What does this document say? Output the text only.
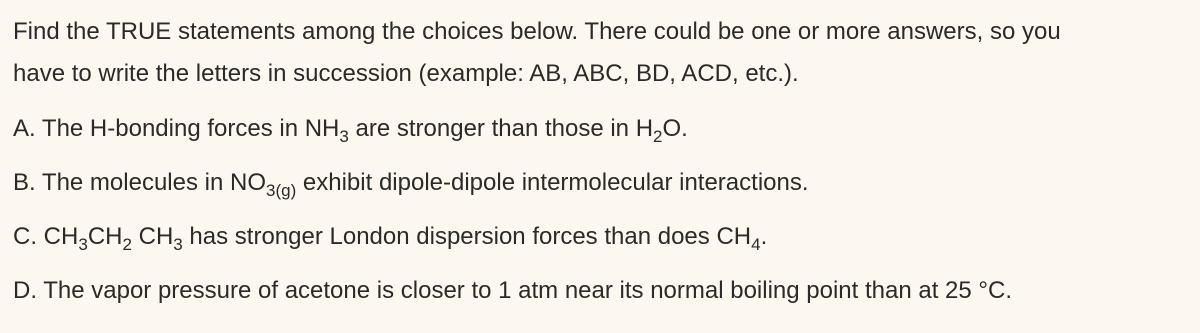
Find the TRUE statements among the choices below. There could be one or more answers, so you
have to write the letters in succession (example: AB, ABC, BD, ACD, etc.).
A. The H-bonding forces in $NH_3$ are stronger than those in $H_2O$.
B. The molecules in $NO_{3(g)}$ exhibit dipole-dipole intermolecular interactions.
C. $CH_3CH_2$ $CH_3$ has stronger London dispersion forces than does $CH_4$.
D. The vapor pressure of acetone is closer to 1 atm near its normal boiling point than at 25 °C.
